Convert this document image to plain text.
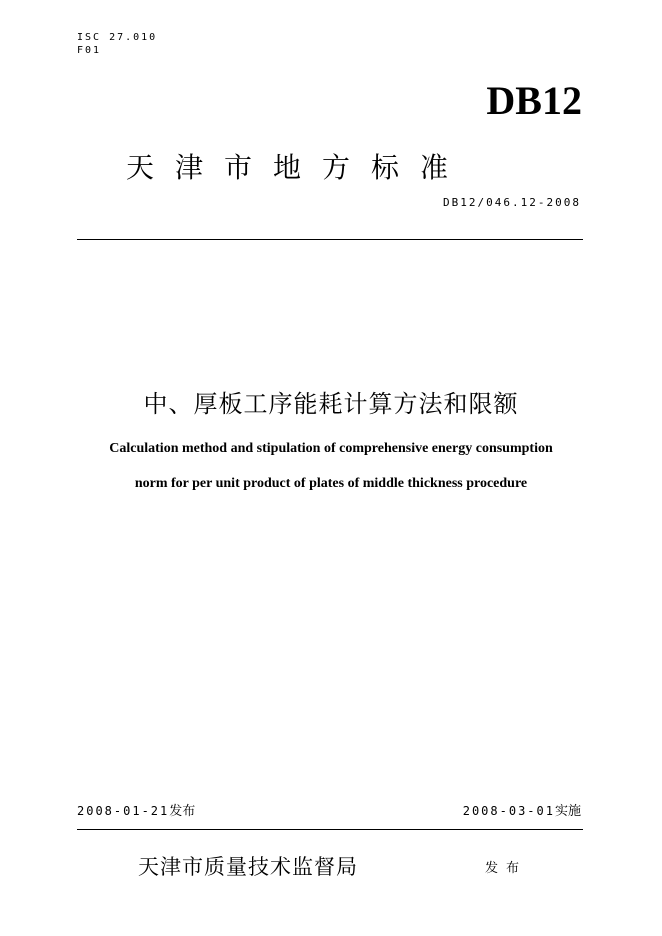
ISC 27.010
F01
DB12
天津市地方标准
DB12/046.12-2008
中、厚板工序能耗计算方法和限额
Calculation method and stipulation of comprehensive energy consumption
norm for per unit product of plates of middle thickness procedure
2008-01-21发布	2008-03-01实施
天津市质量技术监督局	发布
